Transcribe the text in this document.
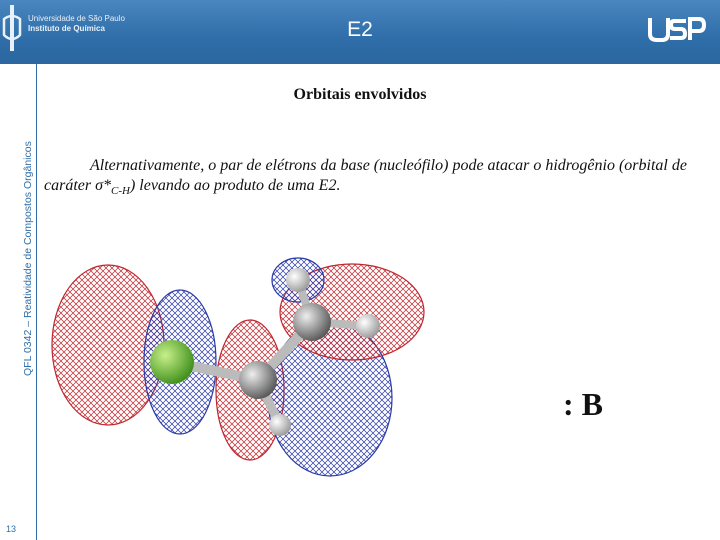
Universidade de São Paulo
Instituto de Química	E2
QFL 0342 – Reatividade de Compostos Orgânicos
13
Orbitais envolvidos
Alternativamente, o par de elétrons da base (nucleófilo) pode atacar o hidrogênio (orbital de caráter $\sigma*_{C-H}$) levando ao produto de uma E2.
: B
